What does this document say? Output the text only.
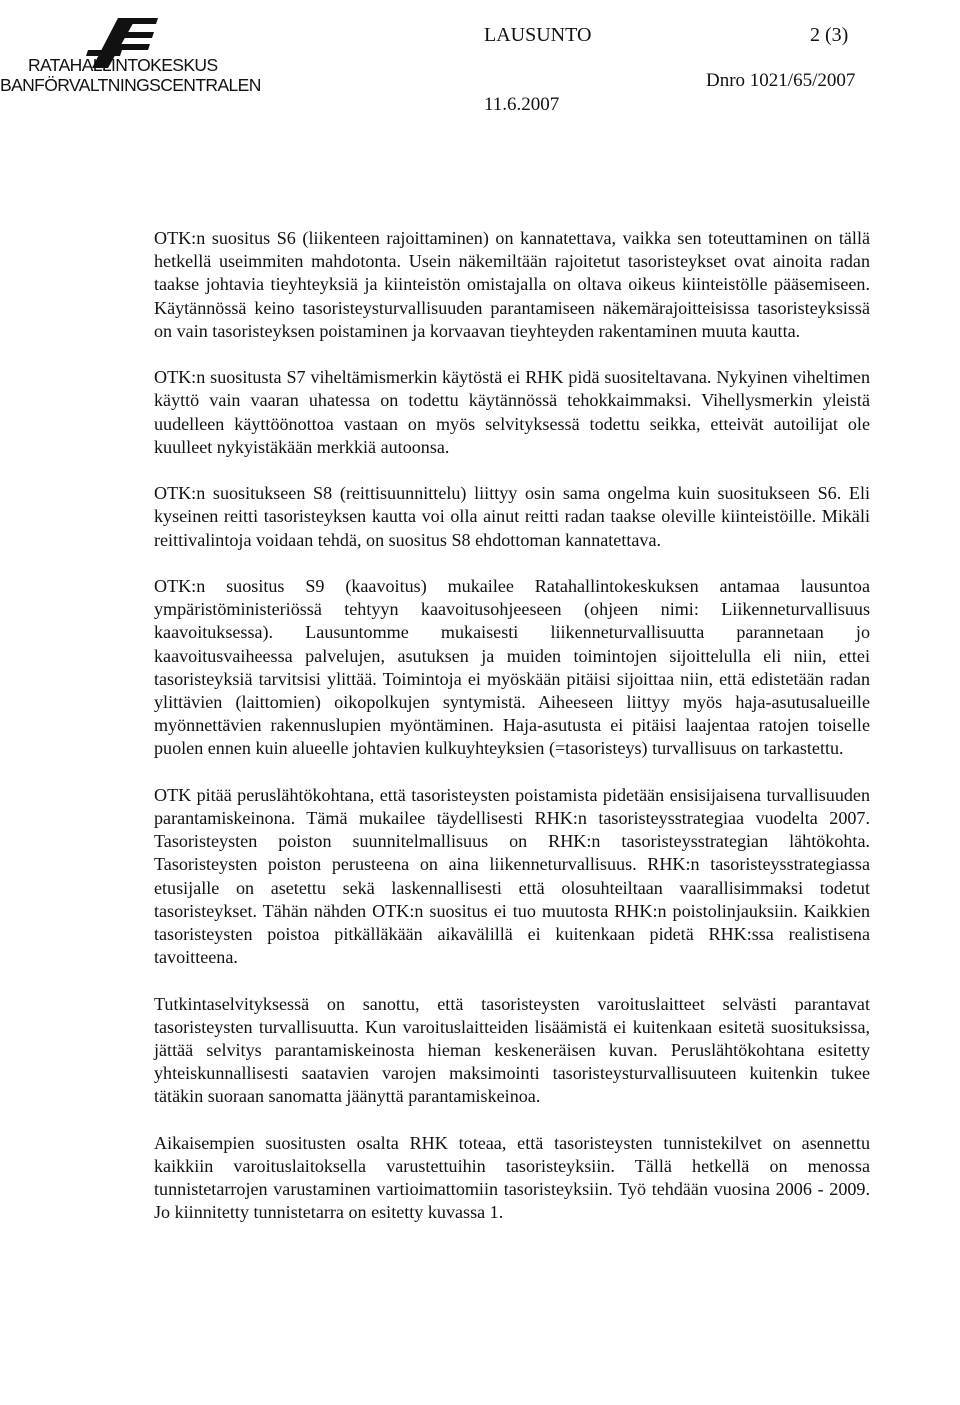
RATAHALLINTOKESKUS
BANFÖRVALTNINGSCENTRALEN
LAUSUNTO	2 (3)
Dnro 1021/65/2007
11.6.2007

OTK:n suositus S6 (liikenteen rajoittaminen) on kannatettava, vaikka sen toteuttaminen on tällä hetkellä useimmiten mahdotonta. Usein näkemiltään rajoitetut tasoristeykset ovat ainoita radan taakse johtavia tieyhteyksiä ja kiinteistön omistajalla on oltava oikeus kiinteistölle pääsemiseen. Käytännössä keino tasoristeysturvallisuuden parantamiseen näkemärajoitteisissa tasoristeyksissä on vain tasoristeyksen poistaminen ja korvaavan tieyhteyden rakentaminen muuta kautta.

OTK:n suositusta S7 viheltämismerkin käytöstä ei RHK pidä suositeltavana. Nykyinen viheltimen käyttö vain vaaran uhatessa on todettu käytännössä tehokkaimmaksi. Vihellysmerkin yleistä uudelleen käyttöönottoa vastaan on myös selvityksessä todettu seikka, etteivät autoilijat ole kuulleet nykyistäkään merkkiä autoonsa.

OTK:n suositukseen S8 (reittisuunnittelu) liittyy osin sama ongelma kuin suositukseen S6. Eli kyseinen reitti tasoristeyksen kautta voi olla ainut reitti radan taakse oleville kiinteistöille. Mikäli reittivalintoja voidaan tehdä, on suositus S8 ehdottoman kannatettava.

OTK:n suositus S9 (kaavoitus) mukailee Ratahallintokeskuksen antamaa lausuntoa ympäristöministeriössä tehtyyn kaavoitusohjeeseen (ohjeen nimi: Liikenneturvallisuus kaavoituksessa). Lausuntomme mukaisesti liikenneturvallisuutta parannetaan jo kaavoitusvaiheessa palvelujen, asutuksen ja muiden toimintojen sijoittelulla eli niin, ettei tasoristeyksiä tarvitsisi ylittää. Toimintoja ei myöskään pitäisi sijoittaa niin, että edistetään radan ylittävien (laittomien) oikopolkujen syntymistä. Aiheeseen liittyy myös haja-asutusalueille myönnettävien rakennuslupien myöntäminen. Haja-asutusta ei pitäisi laajentaa ratojen toiselle puolen ennen kuin alueelle johtavien kulkuyhteyksien (=tasoristeys) turvallisuus on tarkastettu.

OTK pitää peruslähtökohtana, että tasoristeysten poistamista pidetään ensisijaisena turvallisuuden parantamiskeinona. Tämä mukailee täydellisesti RHK:n tasoristeysstrategiaa vuodelta 2007. Tasoristeysten poiston suunnitelmallisuus on RHK:n tasoristeysstrategian lähtökohta. Tasoristeysten poiston perusteena on aina liikenneturvallisuus. RHK:n tasoristeysstrategiassa etusijalle on asetettu sekä laskennallisesti että olosuhteiltaan vaarallisimmaksi todetut tasoristeykset. Tähän nähden OTK:n suositus ei tuo muutosta RHK:n poistolinjauksiin. Kaikkien tasoristeysten poistoa pitkälläkään aikavälillä ei kuitenkaan pidetä RHK:ssa realistisena tavoitteena.

Tutkintaselvityksessä on sanottu, että tasoristeysten varoituslaitteet selvästi parantavat tasoristeysten turvallisuutta. Kun varoituslaitteiden lisäämistä ei kuitenkaan esitetä suosituksissa, jättää selvitys parantamiskeinosta hieman keskeneräisen kuvan. Peruslähtökohtana esitetty yhteiskunnallisesti saatavien varojen maksimointi tasoristeysturvallisuuteen kuitenkin tukee tätäkin suoraan sanomatta jäänyttä parantamiskeinoa.

Aikaisempien suositusten osalta RHK toteaa, että tasoristeysten tunnistekilvet on asennettu kaikkiin varoituslaitoksella varustettuihin tasoristeyksiin. Tällä hetkellä on menossa tunnistetarrojen varustaminen vartioimattomiin tasoristeyksiin. Työ tehdään vuosina 2006 - 2009. Jo kiinnitetty tunnistetarra on esitetty kuvassa 1.
